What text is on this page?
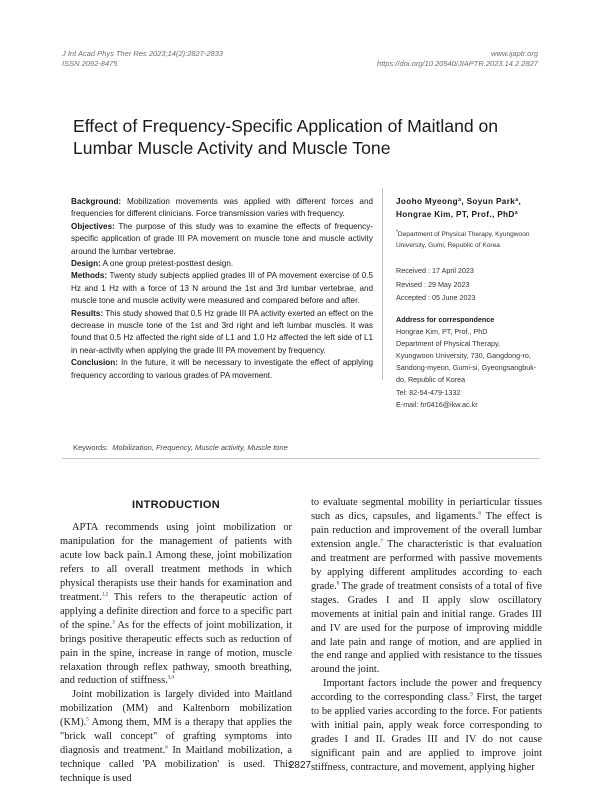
J Int Acad Phys Ther Res 2023;14(2):2827-2833
ISSN 2092-8475
www.ijaptr.org
https://doi.org/10.20540/JIAPTR.2023.14.2.2827
Effect of Frequency-Specific Application of Maitland on Lumbar Muscle Activity and Muscle Tone

Background: Mobilization movements was applied with different forces and frequencies for different clinicians. Force transmission varies with frequency.

Objectives: The purpose of this study was to examine the effects of frequency-specific application of grade III PA movement on muscle tone and muscle activity around the lumbar vertebrae.

Design: A one group pretest-posttest design.

Methods: Twenty study subjects applied grades III of PA movement exercise of 0.5 Hz and 1 Hz with a force of 13 N around the 1st and 3rd lumbar vertebrae, and muscle tone and muscle activity were measured and compared before and after.

Results: This study showed that 0.5 Hz grade III PA activity exerted an effect on the decrease in muscle tone of the 1st and 3rd right and left lumbar muscles. It was found that 0.5 Hz affected the right side of L1 and 1.0 Hz affected the left side of L1 in near-activity when applying the grade III PA movement by frequency.

Conclusion: In the future, it will be necessary to investigate the effect of applying frequency according to various grades of PA movement.

Keywords: Mobilization, Frequency, Muscle activity, Muscle tone
Jooho Myeongª, Soyun Parkª,
Hongrae Kim, PT, Prof., PhDª
$^ª$Department of Physical Therapy, Kyungwoon University, Gumi, Republic of Korea
Received : 17 April 2023
Revised : 29 May 2023
Accepted : 05 June 2023
Address for correspondence
Hongrae Kim, PT, Prof., PhD
Department of Physical Therapy,
Kyungwoon University, 730, Gangdong-ro,
Sandong-myeon, Gumi-si, Gyeongsangbuk-
do, Republic of Korea
Tel: 82-54-479-1332
E-mail: hr0416@ikw.ac.kr
INTRODUCTION

APTA recommends using joint mobilization or manipulation for the management of patients with acute low back pain.1 Among these, joint mobilization refers to all overall treatment methods in which physical therapists use their hands for examination and treatment.$^{1,2}$ This refers to the therapeutic action of applying a definite direction and force to a specific part of the spine.$^3$ As for the effects of joint mobilization, it brings positive therapeutic effects such as reduction of pain in the spine, increase in range of motion, muscle relaxation through reflex pathway, smooth breathing, and reduction of stiffness.$^{3,4}$

Joint mobilization is largely divided into Maitland mobilization (MM) and Kaltenborn mobilization (KM).$^5$ Among them, MM is a therapy that applies the "brick wall concept" of grafting symptoms into diagnosis and treatment.$^6$ In Maitland mobilization, a technique called 'PA mobilization' is used. This technique is used

to evaluate segmental mobility in periarticular tissues such as dics, capsules, and ligaments.$^6$ The effect is pain reduction and improvement of the overall lumbar extension angle.$^7$ The characteristic is that evaluation and treatment are performed with passive movements by applying different amplitudes according to each grade.$^8$ The grade of treatment consists of a total of five stages. Grades I and II apply slow oscillatory movements at initial pain and initial range. Grades III and IV are used for the purpose of improving middle and late pain and range of motion, and are applied in the end range and applied with resistance to the tissues around the joint.

Important factors include the power and frequency according to the corresponding class.$^9$ First, the target to be applied varies according to the force. For patients with initial pain, apply weak force corresponding to grades I and II. Grades III and IV do not cause significant pain and are applied to improve joint stiffness, contracture, and movement, applying higher

2827
